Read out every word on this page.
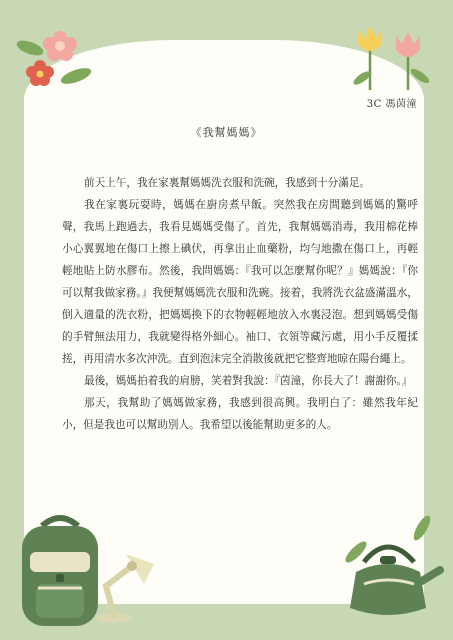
3C 馮茵潼
《我幫媽媽》

前天上午，我在家裏幫媽媽洗衣服和洗碗，我感到十分滿足。

我在家裏玩耍時，媽媽在廚房煮早飯。突然我在房間聽到媽媽的驚呼聲，我馬上跑過去，我看見媽媽受傷了。首先，我幫媽媽消毒，我用棉花棒小心翼翼地在傷口上擦上碘伏，再拿出止血藥粉，均勻地撒在傷口上，再輕輕地貼上防水膠布。然後，我問媽媽：『我可以怎麼幫你呢？』媽媽說：『你可以幫我做家務。』我便幫媽媽洗衣服和洗碗。接着，我將洗衣盆盛滿溫水，倒入適量的洗衣粉，把媽媽換下的衣物輕輕地放入水裏浸泡。想到媽媽受傷的手臂無法用力，我就變得格外細心。袖口、衣領等藏污處，用小手反覆揉搓，再用清水多次沖洗。直到泡沫完全消散後就把它整齊地晾在陽台繩上。

最後，媽媽拍着我的肩膀，笑着對我說：『茵潼，你長大了！謝謝你。』

那天，我幫助了媽媽做家務，我感到很高興。我明白了：雖然我年紀小，但是我也可以幫助別人。我希望以後能幫助更多的人。
